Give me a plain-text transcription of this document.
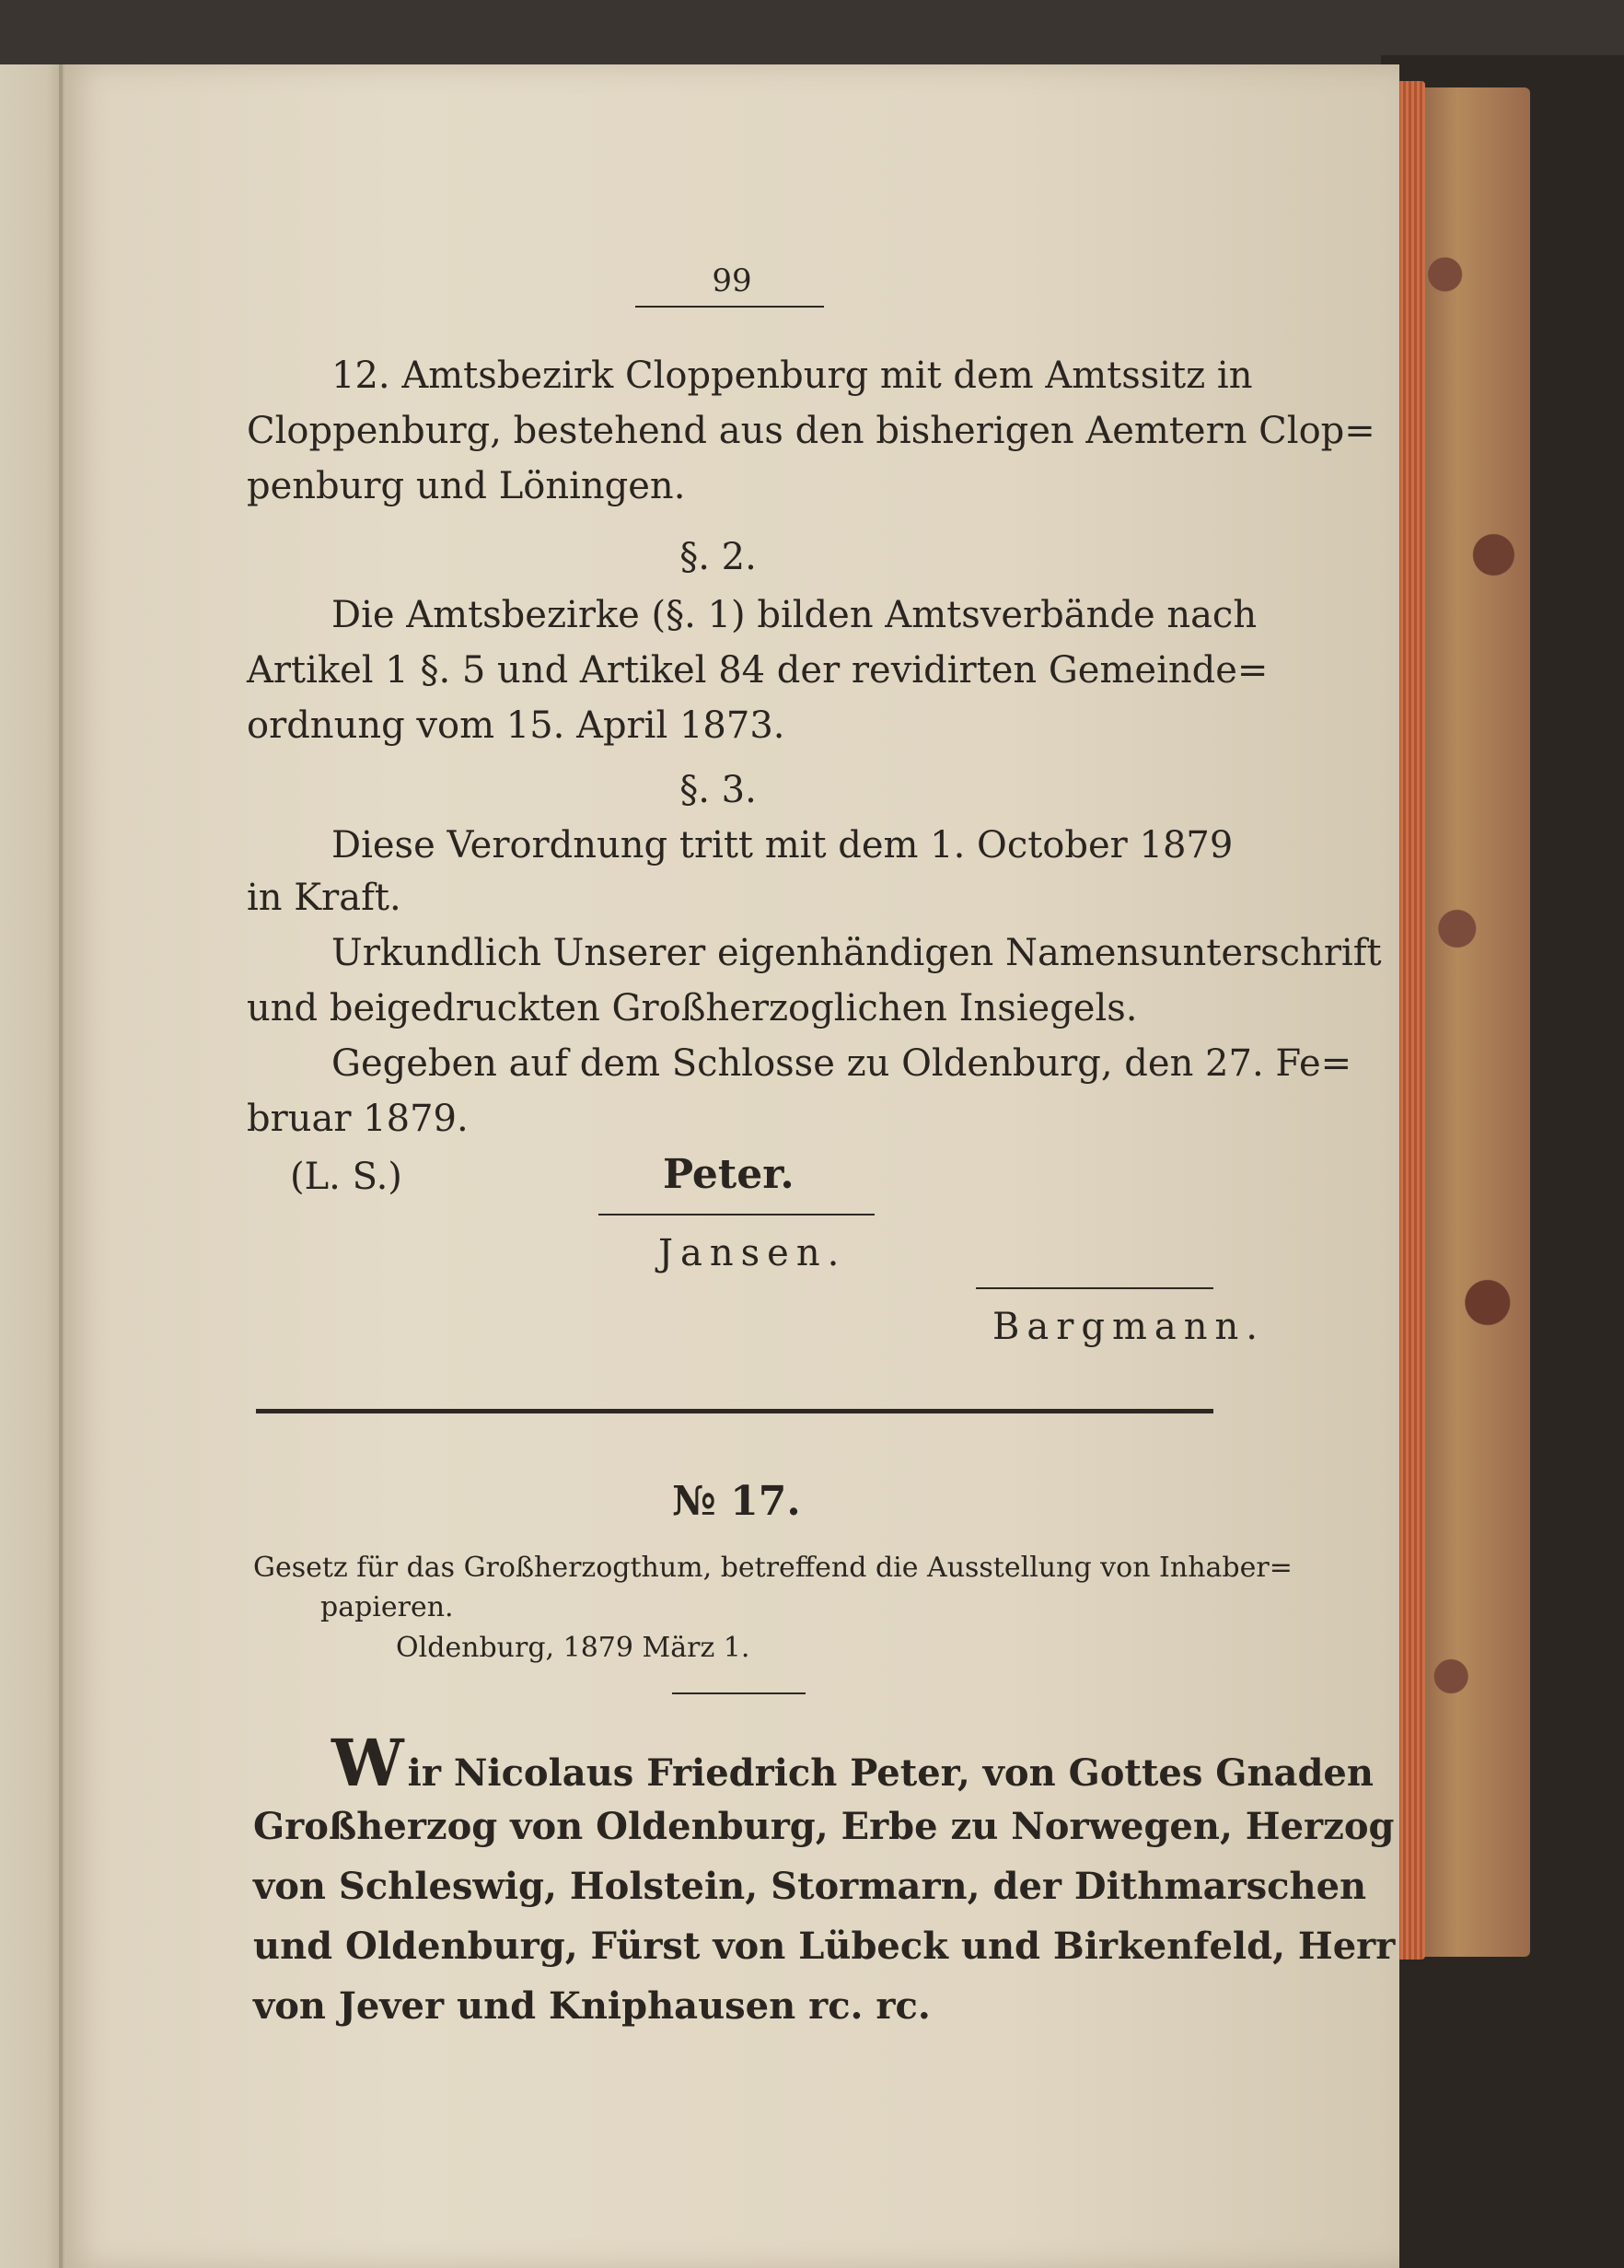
99
12. Amtsbezirk Cloppenburg mit dem Amtssitz in
Cloppenburg, bestehend aus den bisherigen Aemtern Clop=
penburg und Löningen.
§. 2.
Die Amtsbezirke (§. 1) bilden Amtsverbände nach
Artikel 1 §. 5 und Artikel 84 der revidirten Gemeinde=
ordnung vom 15. April 1873.
§. 3.
Diese Verordnung tritt mit dem 1. October 1879
in Kraft.
Urkundlich Unserer eigenhändigen Namensunterschrift
und beigedruckten Großherzoglichen Insiegels.
Gegeben auf dem Schlosse zu Oldenburg, den 27. Fe=
bruar 1879.
(L. S.)	Peter.
Jansen.
Bargmann.
№ 17.
Gesetz für das Großherzogthum, betreffend die Ausstellung von Inhaber=
papieren.
Oldenburg, 1879 März 1.
W ir Nicolaus Friedrich Peter, von Gottes Gnaden
Großherzog von Oldenburg, Erbe zu Norwegen, Herzog
von Schleswig, Holstein, Stormarn, der Dithmarschen
und Oldenburg, Fürst von Lübeck und Birkenfeld, Herr
von Jever und Kniphausen rc. rc.
